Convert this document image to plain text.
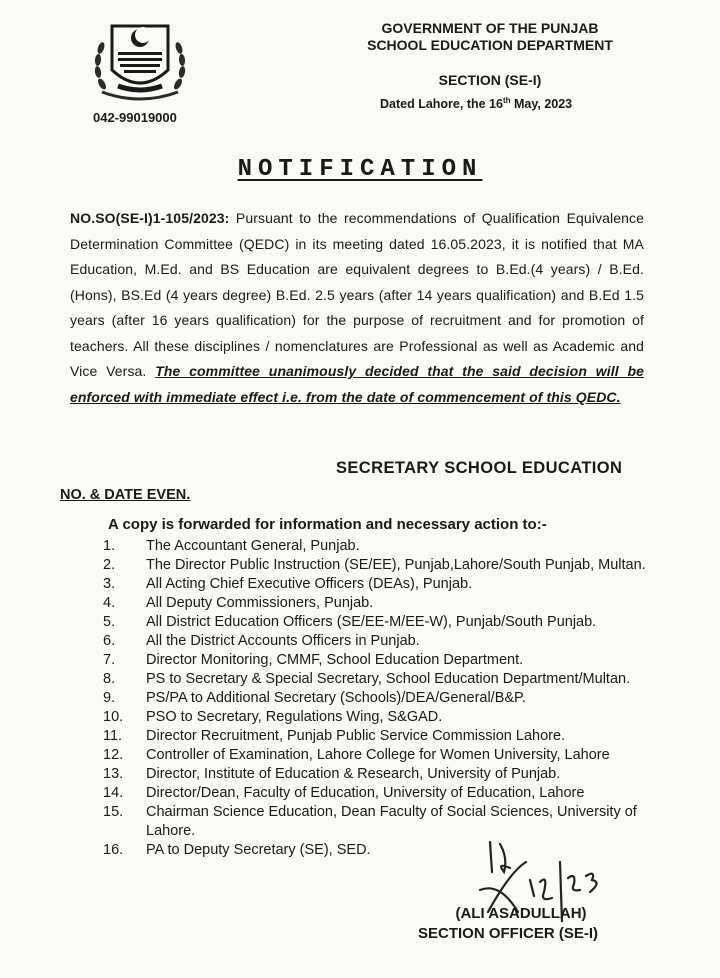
042-99019000
GOVERNMENT OF THE PUNJAB
SCHOOL EDUCATION DEPARTMENT
SECTION (SE-I)
Dated Lahore, the 16th May, 2023
NOTIFICATION
NO.SO(SE-I)1-105/2023: Pursuant to the recommendations of Qualification Equivalence Determination Committee (QEDC) in its meeting dated 16.05.2023, it is notified that MA Education, M.Ed. and BS Education are equivalent degrees to B.Ed.(4 years) / B.Ed. (Hons), BS.Ed (4 years degree) B.Ed. 2.5 years (after 14 years qualification) and B.Ed 1.5 years (after 16 years qualification) for the purpose of recruitment and for promotion of teachers. All these disciplines / nomenclatures are Professional as well as Academic and Vice Versa. The committee unanimously decided that the said decision will be enforced with immediate effect i.e. from the date of commencement of this QEDC.
SECRETARY SCHOOL EDUCATION
NO. & DATE EVEN.
A copy is forwarded for information and necessary action to:-
1.	The Accountant General, Punjab.
2.	The Director Public Instruction (SE/EE), Punjab,Lahore/South Punjab, Multan.
3.	All Acting Chief Executive Officers (DEAs), Punjab.
4.	All Deputy Commissioners, Punjab.
5.	All District Education Officers (SE/EE-M/EE-W), Punjab/South Punjab.
6.	All the District Accounts Officers in Punjab.
7.	Director Monitoring, CMMF, School Education Department.
8.	PS to Secretary & Special Secretary, School Education Department/Multan.
9.	PS/PA to Additional Secretary (Schools)/DEA/General/B&P.
10.	PSO to Secretary, Regulations Wing, S&GAD.
11.	Director Recruitment, Punjab Public Service Commission Lahore.
12.	Controller of Examination, Lahore College for Women University, Lahore
13.	Director, Institute of Education & Research, University of Punjab.
14.	Director/Dean, Faculty of Education, University of Education, Lahore
15.	Chairman Science Education, Dean Faculty of Social Sciences, University of Lahore.
16.	PA to Deputy Secretary (SE), SED.
(ALI ASADULLAH)
SECTION OFFICER (SE-I)
